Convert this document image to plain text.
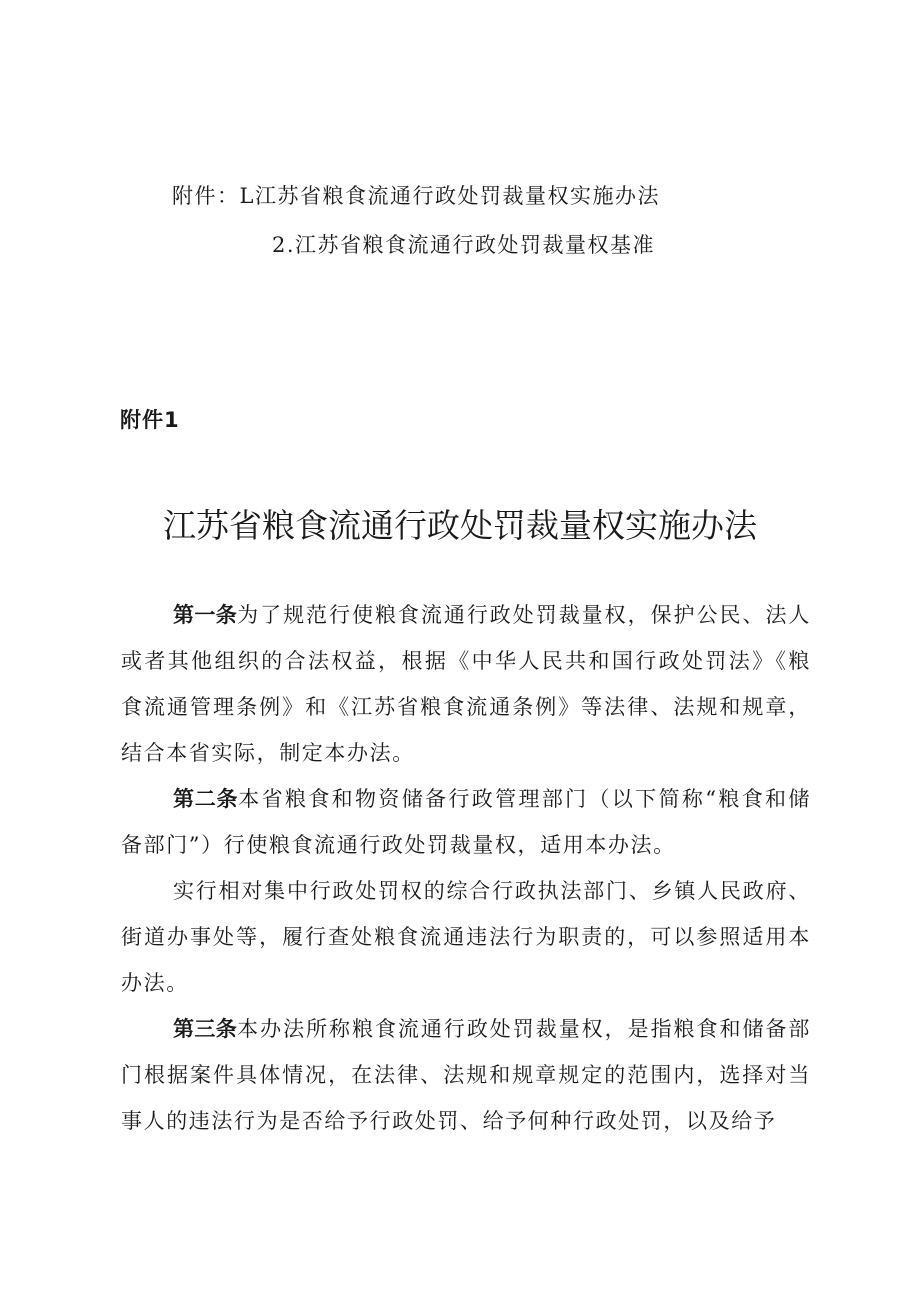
附件：L江苏省粮食流通行政处罚裁量权实施办法
2.江苏省粮食流通行政处罚裁量权基准
附件1
江苏省粮食流通行政处罚裁量权实施办法

第一条为了规范行使粮食流通行政处罚裁量权，保护公民、法人或者其他组织的合法权益，根据《中华人民共和国行政处罚法》《粮食流通管理条例》和《江苏省粮食流通条例》等法律、法规和规章，结合本省实际，制定本办法。

第二条本省粮食和物资储备行政管理部门（以下简称“粮食和储备部门”）行使粮食流通行政处罚裁量权，适用本办法。

实行相对集中行政处罚权的综合行政执法部门、乡镇人民政府、街道办事处等，履行查处粮食流通违法行为职责的，可以参照适用本办法。

第三条本办法所称粮食流通行政处罚裁量权，是指粮食和储备部门根据案件具体情况，在法律、法规和规章规定的范围内，选择对当事人的违法行为是否给予行政处罚、给予何种行政处罚，以及给予
